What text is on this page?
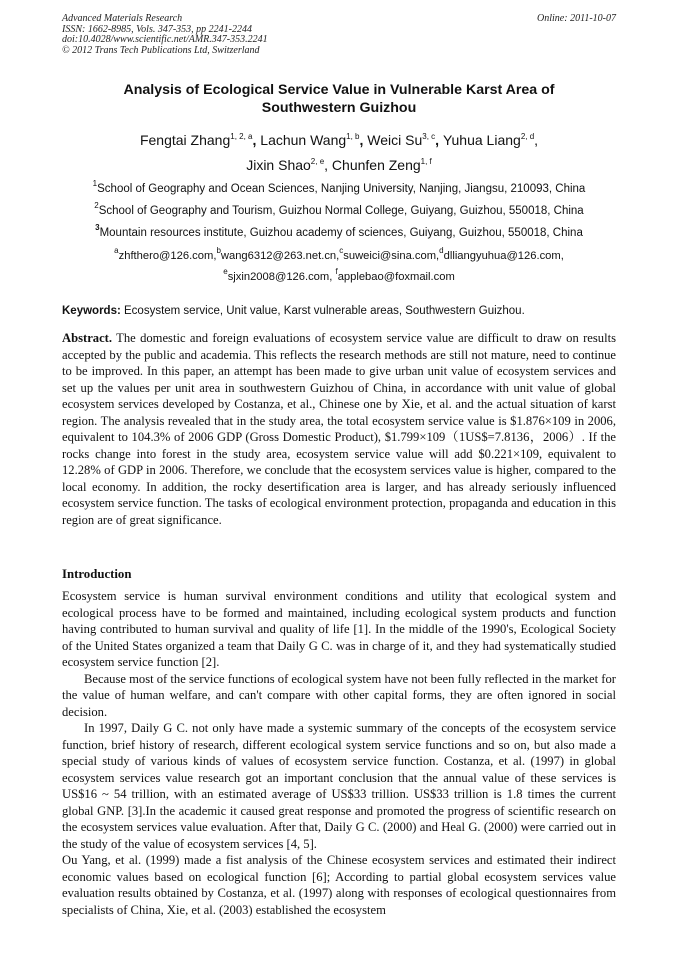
Advanced Materials Research
ISSN: 1662-8985, Vols. 347-353, pp 2241-2244
doi:10.4028/www.scientific.net/AMR.347-353.2241
© 2012 Trans Tech Publications Ltd, Switzerland
Online: 2011-10-07
Analysis of Ecological Service Value in Vulnerable Karst Area of
Southwestern Guizhou
Fengtai Zhang$^{1, 2, a}$, Lachun Wang$^{1, b}$, Weici Su$^{3, c}$, Yuhua Liang$^{2, d}$,
Jixin Shao$^{2, e}$, Chunfen Zeng$^{1, f}$
$^1$School of Geography and Ocean Sciences, Nanjing University, Nanjing, Jiangsu, 210093, China
$^2$School of Geography and Tourism, Guizhou Normal College, Guiyang, Guizhou, 550018, China
$^3$Mountain resources institute, Guizhou academy of sciences, Guiyang, Guizhou, 550018, China
$^a$zhfthero@126.com,$^b$wang6312@263.net.cn,$^c$suweici@sina.com,$^d$dlliangyuhua@126.com,
$^e$sjxin2008@126.com, $^f$applebao@foxmail.com
Keywords: Ecosystem service, Unit value, Karst vulnerable areas, Southwestern Guizhou.
Abstract. The domestic and foreign evaluations of ecosystem service value are difficult to draw on results accepted by the public and academia. This reflects the research methods are still not mature, need to continue to be improved. In this paper, an attempt has been made to give urban unit value of ecosystem services and set up the values per unit area in southwestern Guizhou of China, in accordance with unit value of global ecosystem services developed by Costanza, et al., Chinese one by Xie, et al. and the actual situation of karst region. The analysis revealed that in the study area, the total ecosystem service value is $1.876×109 in 2006, equivalent to 104.3% of 2006 GDP (Gross Domestic Product), $1.799×109（1US$=7.8136，2006）. If the rocks change into forest in the study area, ecosystem service value will add $0.221×109, equivalent to 12.28% of GDP in 2006. Therefore, we conclude that the ecosystem services value is higher, compared to the local economy. In addition, the rocky desertification area is larger, and has already seriously influenced ecosystem service function. The tasks of ecological environment protection, propaganda and education in this region are of great significance.
Introduction

Ecosystem service is human survival environment conditions and utility that ecological system and ecological process have to be formed and maintained, including ecological system products and function having contributed to human survival and quality of life [1]. In the middle of the 1990's, Ecological Society of the United States organized a team that Daily G C. was in charge of it, and they had systematically studied ecosystem service function [2].

Because most of the service functions of ecological system have not been fully reflected in the market for the value of human welfare, and can't compare with other capital forms, they are often ignored in social decision.

In 1997, Daily G C. not only have made a systemic summary of the concepts of the ecosystem service function, brief history of research, different ecological system service functions and so on, but also made a special study of various kinds of values of ecosystem service function. Costanza, et al. (1997) in global ecosystem services value research got an important conclusion that the annual value of these services is US$16 ~ 54 trillion, with an estimated average of US$33 trillion. US$33 trillion is 1.8 times the current global GNP. [3].In the academic it caused great response and promoted the progress of scientific research on the ecosystem services value evaluation. After that, Daily G C. (2000) and Heal G. (2000) were carried out in the study of the value of ecosystem services [4, 5].

Ou Yang, et al. (1999) made a fist analysis of the Chinese ecosystem services and estimated their indirect economic values based on ecological function [6]; According to partial global ecosystem services value evaluation results obtained by Costanza, et al. (1997) along with responses of ecological questionnaires from specialists of China, Xie, et al. (2003) established the ecosystem
